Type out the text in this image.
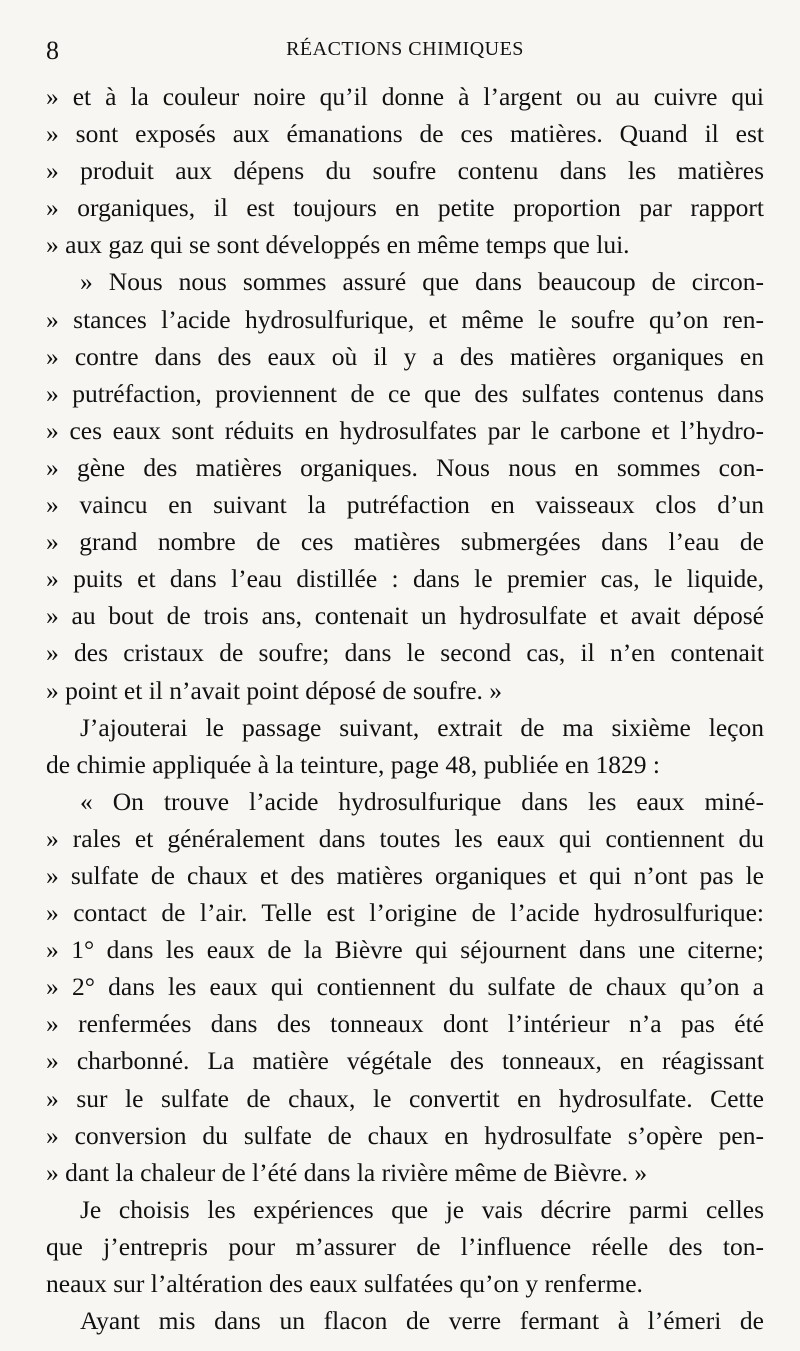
8	RÉACTIONS CHIMIQUES
» et à la couleur noire qu’il donne à l’argent ou au cuivre qui
» sont exposés aux émanations de ces matières. Quand il est
» produit aux dépens du soufre contenu dans les matières
» organiques, il est toujours en petite proportion par rapport
» aux gaz qui se sont développés en même temps que lui.
» Nous nous sommes assuré que dans beaucoup de circon-
» stances l’acide hydrosulfurique, et même le soufre qu’on ren-
» contre dans des eaux où il y a des matières organiques en
» putréfaction, proviennent de ce que des sulfates contenus dans
» ces eaux sont réduits en hydrosulfates par le carbone et l’hydro-
» gène des matières organiques. Nous nous en sommes con-
» vaincu en suivant la putréfaction en vaisseaux clos d’un
» grand nombre de ces matières submergées dans l’eau de
» puits et dans l’eau distillée : dans le premier cas, le liquide,
» au bout de trois ans, contenait un hydrosulfate et avait déposé
» des cristaux de soufre; dans le second cas, il n’en contenait
» point et il n’avait point déposé de soufre. »
J’ajouterai le passage suivant, extrait de ma sixième leçon
de chimie appliquée à la teinture, page 48, publiée en 1829 :
« On trouve l’acide hydrosulfurique dans les eaux miné-
» rales et généralement dans toutes les eaux qui contiennent du
» sulfate de chaux et des matières organiques et qui n’ont pas le
» contact de l’air. Telle est l’origine de l’acide hydrosulfurique:
» 1° dans les eaux de la Bièvre qui séjournent dans une citerne;
» 2° dans les eaux qui contiennent du sulfate de chaux qu’on a
» renfermées dans des tonneaux dont l’intérieur n’a pas été
» charbonné. La matière végétale des tonneaux, en réagissant
» sur le sulfate de chaux, le convertit en hydrosulfate. Cette
» conversion du sulfate de chaux en hydrosulfate s’opère pen-
» dant la chaleur de l’été dans la rivière même de Bièvre. »
Je choisis les expériences que je vais décrire parmi celles
que j’entrepris pour m’assurer de l’influence réelle des ton-
neaux sur l’altération des eaux sulfatées qu’on y renferme.
Ayant mis dans un flacon de verre fermant à l’émeri de
